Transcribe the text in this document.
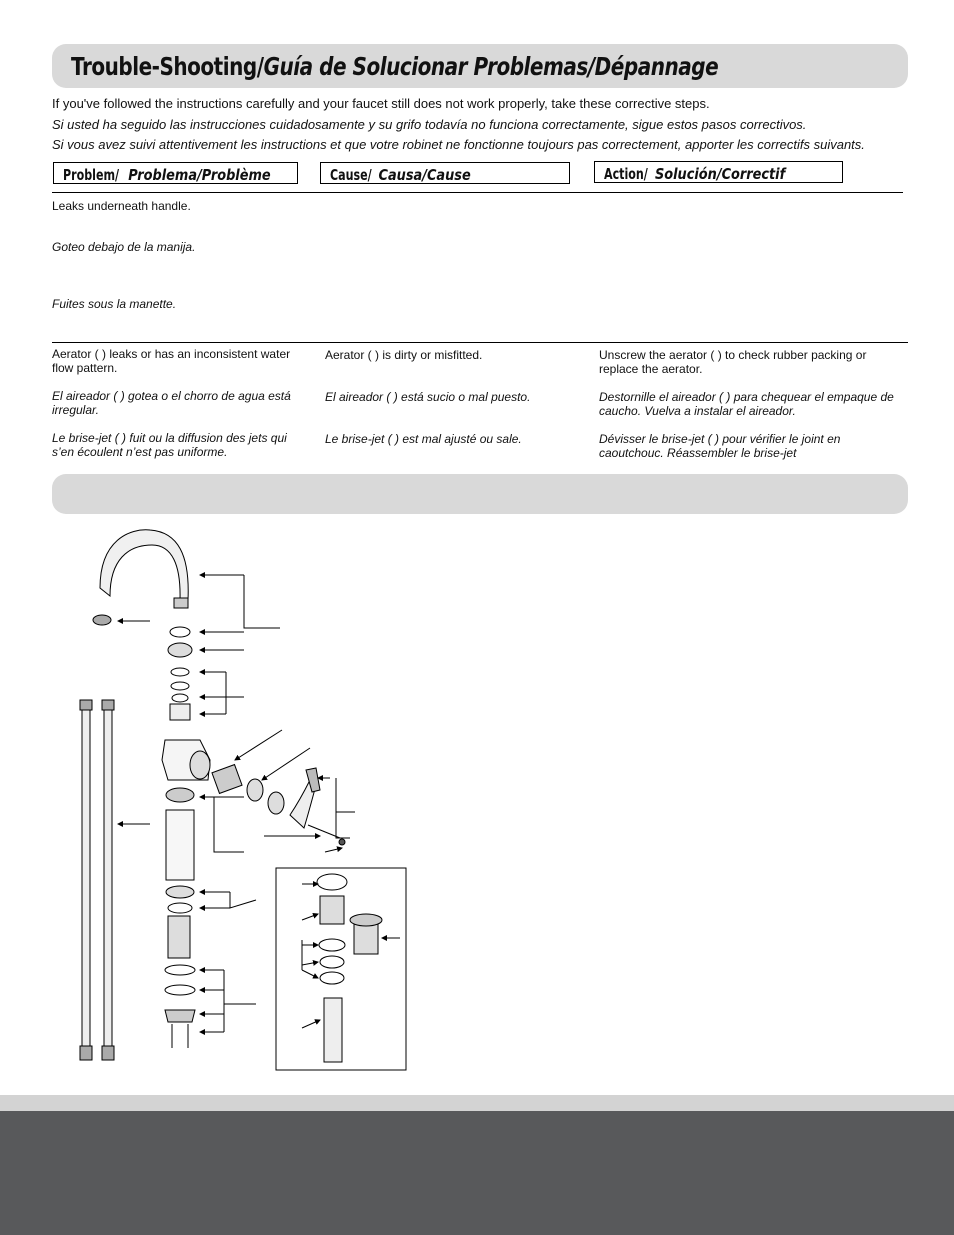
Trouble-Shooting/Guía de Solucionar Problemas/Dépannage
If you've followed the instructions carefully and your faucet still does not work properly, take these corrective steps.
Si usted ha seguido las instrucciones cuidadosamente y su grifo todavía no funciona correctamente, sigue estos pasos correctivos.
Si vous avez suivi attentivement les instructions et que votre robinet ne fonctionne toujours pas correctement, apporter les correctifs suivants.
Problem/ Problema/Problème	Cause/ Causa/Cause	Action/ Solución/Correctif
Leaks underneath handle.
Goteo debajo de la manija.
Fuites sous la manette.
Aerator ( ) leaks or has an inconsistent water flow pattern.
El aireador ( ) gotea o el chorro de agua está irregular.
Le brise-jet ( ) fuit ou la diffusion des jets qui s’en écoulent n’est pas uniforme.
Aerator ( ) is dirty or misfitted.
El aireador ( ) está sucio o mal puesto.
Le brise-jet ( ) est mal ajusté ou sale.
Unscrew the aerator ( ) to check rubber packing or replace the aerator.
Destornille el aireador ( ) para chequear el empaque de caucho. Vuelva a instalar el aireador.
Dévisser le brise-jet ( ) pour vérifier le joint en caoutchouc. Réassembler le brise-jet
